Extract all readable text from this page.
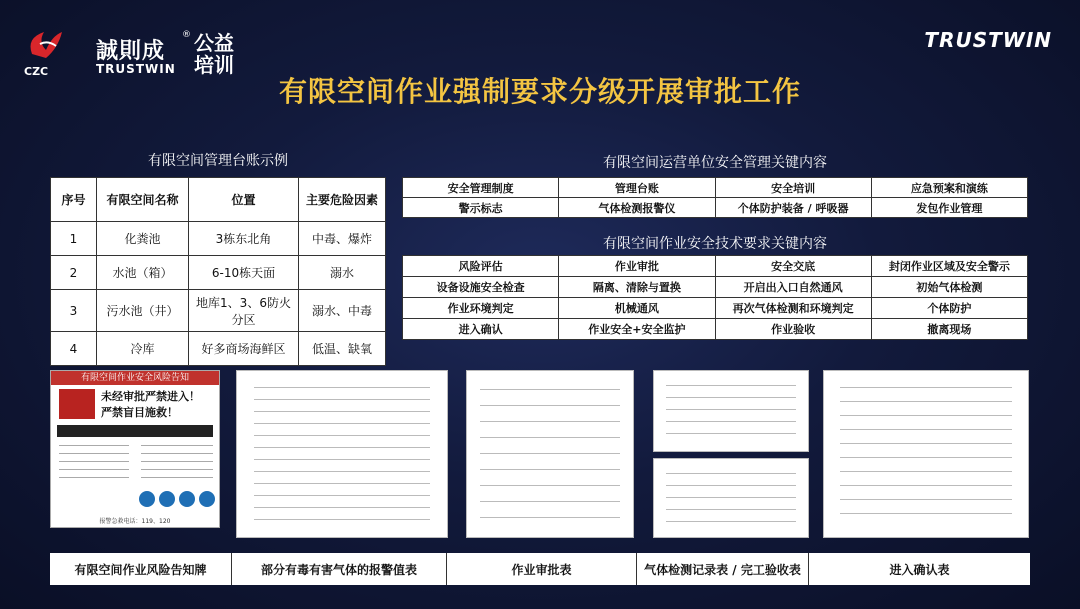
CZC
誠則成
®
TRUSTWIN
公益培训
TRUSTWIN
有限空间作业强制要求分级开展审批工作
有限空间管理台账示例
序号	有限空间名称	位置	主要危险因素
1	化粪池	3栋东北角	中毒、爆炸
2	水池（箱）	6-10栋天面	溺水
3	污水池（井）	地库1、3、6防火分区	溺水、中毒
4	冷库	好多商场海鲜区	低温、缺氧
有限空间运营单位安全管理关键内容
安全管理制度	管理台账	安全培训	应急预案和演练
警示标志	气体检测报警仪	个体防护装备 / 呼吸器	发包作业管理
有限空间作业安全技术要求关键内容
风险评估	作业审批	安全交底	封闭作业区域及安全警示
设备设施安全检查	隔离、清除与置换	开启出入口自然通风	初始气体检测
作业环境判定	机械通风	再次气体检测和环境判定	个体防护
进入确认	作业安全+安全监护	作业验收	撤离现场
有限空间作业安全风险告知
未经审批严禁进入！
严禁盲目施救！
报警急救电话：119、120
有限空间作业风险告知牌	部分有毒有害气体的报警值表	作业审批表	气体检测记录表 / 完工验收表	进入确认表
